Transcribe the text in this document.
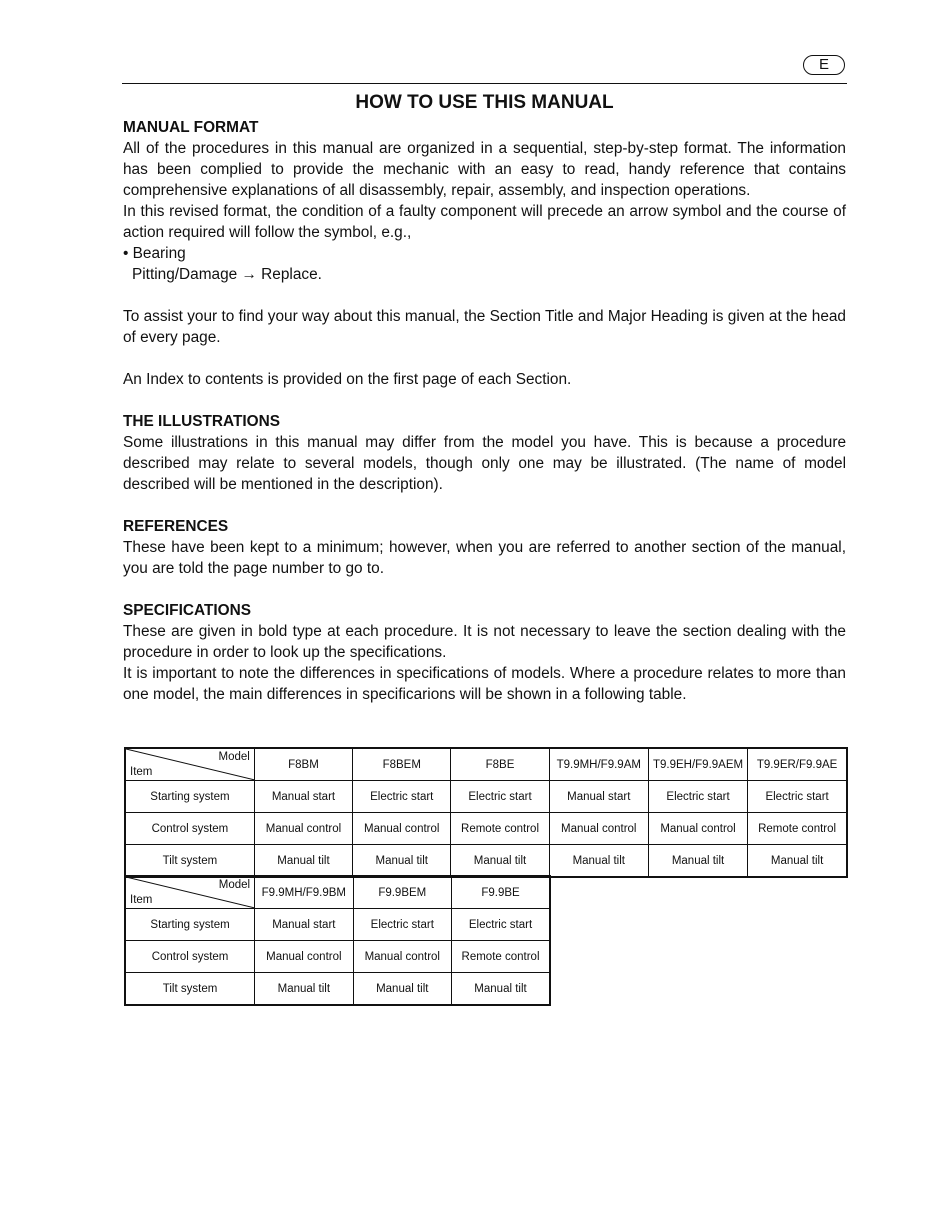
E
HOW TO USE THIS MANUAL
MANUAL FORMAT

All of the procedures in this manual are organized in a sequential, step-by-step format. The information has been complied to provide the mechanic with an easy to read, handy reference that contains comprehensive explanations of all disassembly, repair, assembly, and inspection operations.

In this revised format, the condition of a faulty component will precede an arrow symbol and the course of action required will follow the symbol, e.g.,

• Bearing

Pitting/Damage → Replace.

To assist your to find your way about this manual, the Section Title and Major Heading is given at the head of every page.

An Index to contents is provided on the first page of each Section.

THE ILLUSTRATIONS

Some illustrations in this manual may differ from the model you have. This is because a procedure described may relate to several models, though only one may be illustrated. (The name of model described will be mentioned in the description).

REFERENCES

These have been kept to a minimum; however, when you are referred to another section of the manual, you are told the page number to go to.

SPECIFICATIONS

These are given in bold type at each procedure. It is not necessary to leave the section dealing with the procedure in order to look up the specifications.

It is important to note the differences in specifications of models. Where a procedure relates to more than one model, the main differences in specificarions will be shown in a following table.

Model
Item	F8BM	F8BEM	F8BE	T9.9MH/F9.9AM	T9.9EH/F9.9AEM	T9.9ER/F9.9AE
Starting system	Manual start	Electric start	Electric start	Manual start	Electric start	Electric start
Control system	Manual control	Manual control	Remote control	Manual control	Manual control	Remote control
Tilt system	Manual tilt	Manual tilt	Manual tilt	Manual tilt	Manual tilt	Manual tilt
Model
Item	F9.9MH/F9.9BM	F9.9BEM	F9.9BE
Starting system	Manual start	Electric start	Electric start
Control system	Manual control	Manual control	Remote control
Tilt system	Manual tilt	Manual tilt	Manual tilt
